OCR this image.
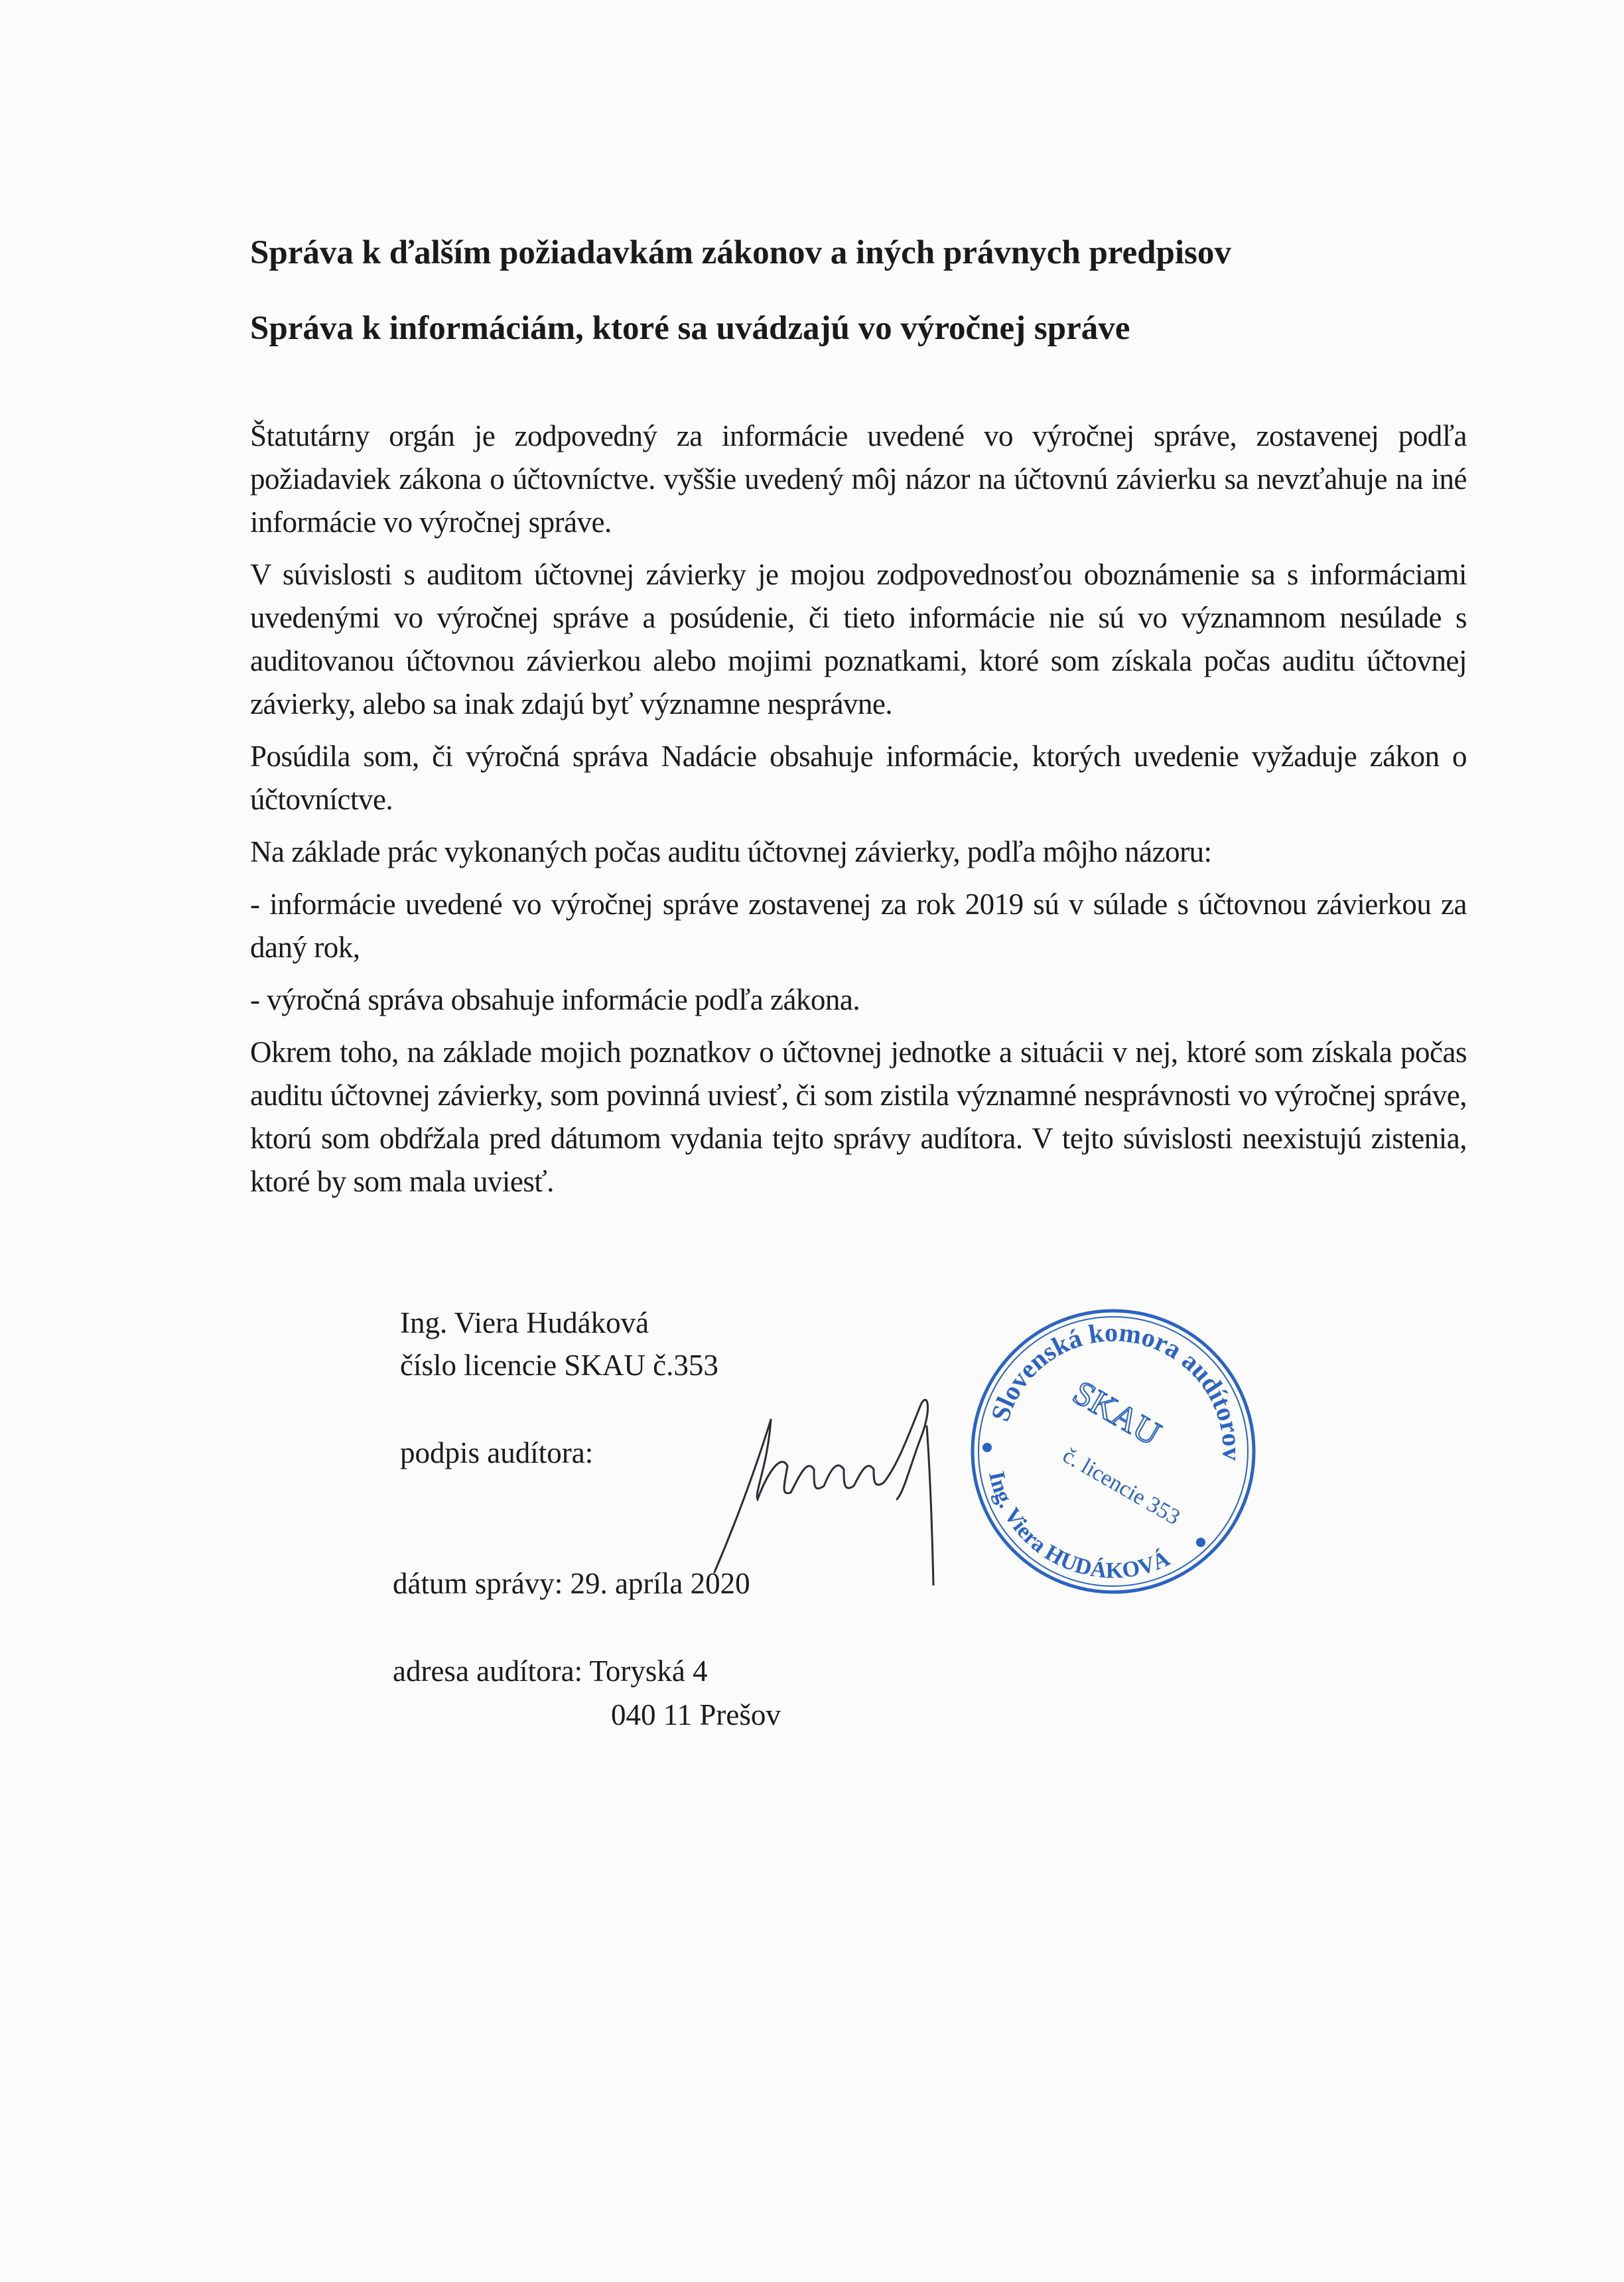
Správa k ďalším požiadavkám zákonov a iných právnych predpisov
Správa k informáciám, ktoré sa uvádzajú vo výročnej správe

Štatutárny orgán je zodpovedný za informácie uvedené vo výročnej správe, zostavenej podľa požiadaviek zákona o účtovníctve. vyššie uvedený môj názor na účtovnú závierku sa nevzťahuje na iné informácie vo výročnej správe.

V súvislosti s auditom účtovnej závierky je mojou zodpovednosťou oboznámenie sa s informáciami uvedenými vo výročnej správe a posúdenie, či tieto informácie nie sú vo významnom nesúlade s auditovanou účtovnou závierkou alebo mojimi poznatkami, ktoré som získala počas auditu účtovnej závierky, alebo sa inak zdajú byť významne nesprávne.

Posúdila som, či výročná správa Nadácie obsahuje informácie, ktorých uvedenie vyžaduje zákon o účtovníctve.

Na základe prác vykonaných počas auditu účtovnej závierky, podľa môjho názoru:

- informácie uvedené vo výročnej správe zostavenej za rok 2019 sú v súlade s účtovnou závierkou za daný rok,

- výročná správa obsahuje informácie podľa zákona.

Okrem toho, na základe mojich poznatkov o účtovnej jednotke a situácii v nej, ktoré som získala počas auditu účtovnej závierky, som povinná uviesť, či som zistila významné nesprávnosti vo výročnej správe, ktorú som obdŕžala pred dátumom vydania tejto správy audítora. V tejto súvislosti neexistujú zistenia, ktoré by som mala uviesť.

Ing. Viera Hudáková
číslo licencie SKAU č.353
podpis audítora:
dátum správy: 29. apríla 2020
adresa audítora: Toryská 4
040 11 Prešov
Slovenská komora audítorov
Ing. Viera HUDÁKOVÁ
SKAU
č. licencie 353
